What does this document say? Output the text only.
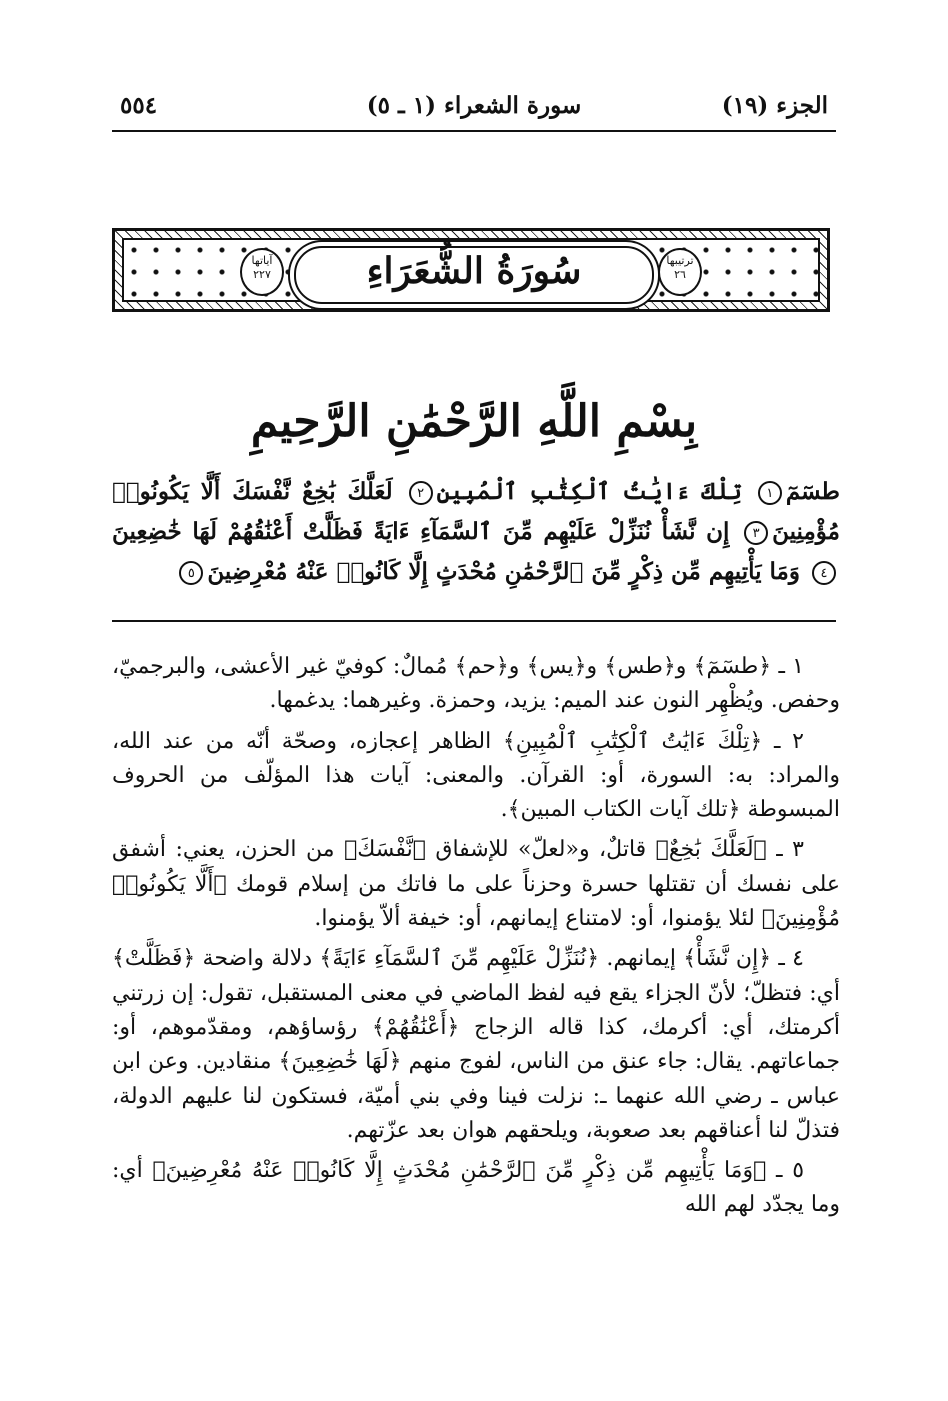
٥٥٤	سورة الشعراء (١ ـ ٥)	الجزء (١٩)
آياتها
٢٢٧	سُورَةُ الشُّعَرَاءِ	ترتيبها
٢٦
بِسْمِ اللَّهِ الرَّحْمَٰنِ الرَّحِيمِ
طسٓمٓ١ تِلْكَ ءَايَٰتُ ٱلْكِتَٰبِ ٱلْمُبِينِ٢ لَعَلَّكَ بَٰخِعٌ نَّفْسَكَ أَلَّا يَكُونُوا۟ مُؤْمِنِينَ٣ إِن نَّشَأْ نُنَزِّلْ عَلَيْهِم مِّنَ ٱلسَّمَآءِ ءَايَةً فَظَلَّتْ أَعْنَٰقُهُمْ لَهَا خَٰضِعِينَ٤ وَمَا يَأْتِيهِم مِّن ذِكْرٍ مِّنَ ٱلرَّحْمَٰنِ مُحْدَثٍ إِلَّا كَانُوا۟ عَنْهُ مُعْرِضِينَ٥

١ ـ ﴿طسٓمٓ﴾ و﴿طس﴾ و﴿يس﴾ و﴿حم﴾ مُمالٌ: كوفيّ غير الأعشى، والبرجميّ، وحفص. ويُظْهِر النون عند الميم: يزيد، وحمزة. وغيرهما: يدغمها.

٢ ـ ﴿تِلْكَ ءَايَٰتُ ٱلْكِتَٰبِ ٱلْمُبِينِ﴾ الظاهر إعجازه، وصحّة أنّه من عند الله، والمراد: به: السورة، أو: القرآن. والمعنى: آيات هذا المؤلّف من الحروف المبسوطة ﴿تلك آيات الكتاب المبين﴾.

٣ ـ ﴿لَعَلَّكَ بَٰخِعٌ﴾ قاتلٌ، و«لعلّ» للإشفاق ﴿نَّفْسَكَ﴾ من الحزن، يعني: أشفق على نفسك أن تقتلها حسرة وحزناً على ما فاتك من إسلام قومك ﴿أَلَّا يَكُونُوا۟ مُؤْمِنِينَ﴾ لئلا يؤمنوا، أو: لامتناع إيمانهم، أو: خيفة ألاّ يؤمنوا.

٤ ـ ﴿إِن نَّشَأْ﴾ إيمانهم. ﴿نُنَزِّلْ عَلَيْهِم مِّنَ ٱلسَّمَآءِ ءَايَةً﴾ دلالة واضحة ﴿فَظَلَّتْ﴾ أي: فتظلّ؛ لأنّ الجزاء يقع فيه لفظ الماضي في معنى المستقبل، تقول: إن زرتني أكرمتك، أي: أكرمك، كذا قاله الزجاج ﴿أَعْنَٰقُهُمْ﴾ رؤساؤهم، ومقدّموهم، أو: جماعاتهم. يقال: جاء عنق من الناس، لفوج منهم ﴿لَهَا خَٰضِعِينَ﴾ منقادين. وعن ابن عباس ـ رضي الله عنهما ـ: نزلت فينا وفي بني أميّة، فستكون لنا عليهم الدولة، فتذلّ لنا أعناقهم بعد صعوبة، ويلحقهم هوان بعد عزّتهم.

٥ ـ ﴿وَمَا يَأْتِيهِم مِّن ذِكْرٍ مِّنَ ٱلرَّحْمَٰنِ مُحْدَثٍ إِلَّا كَانُوا۟ عَنْهُ مُعْرِضِينَ﴾ أي: وما يجدّد لهم الله
